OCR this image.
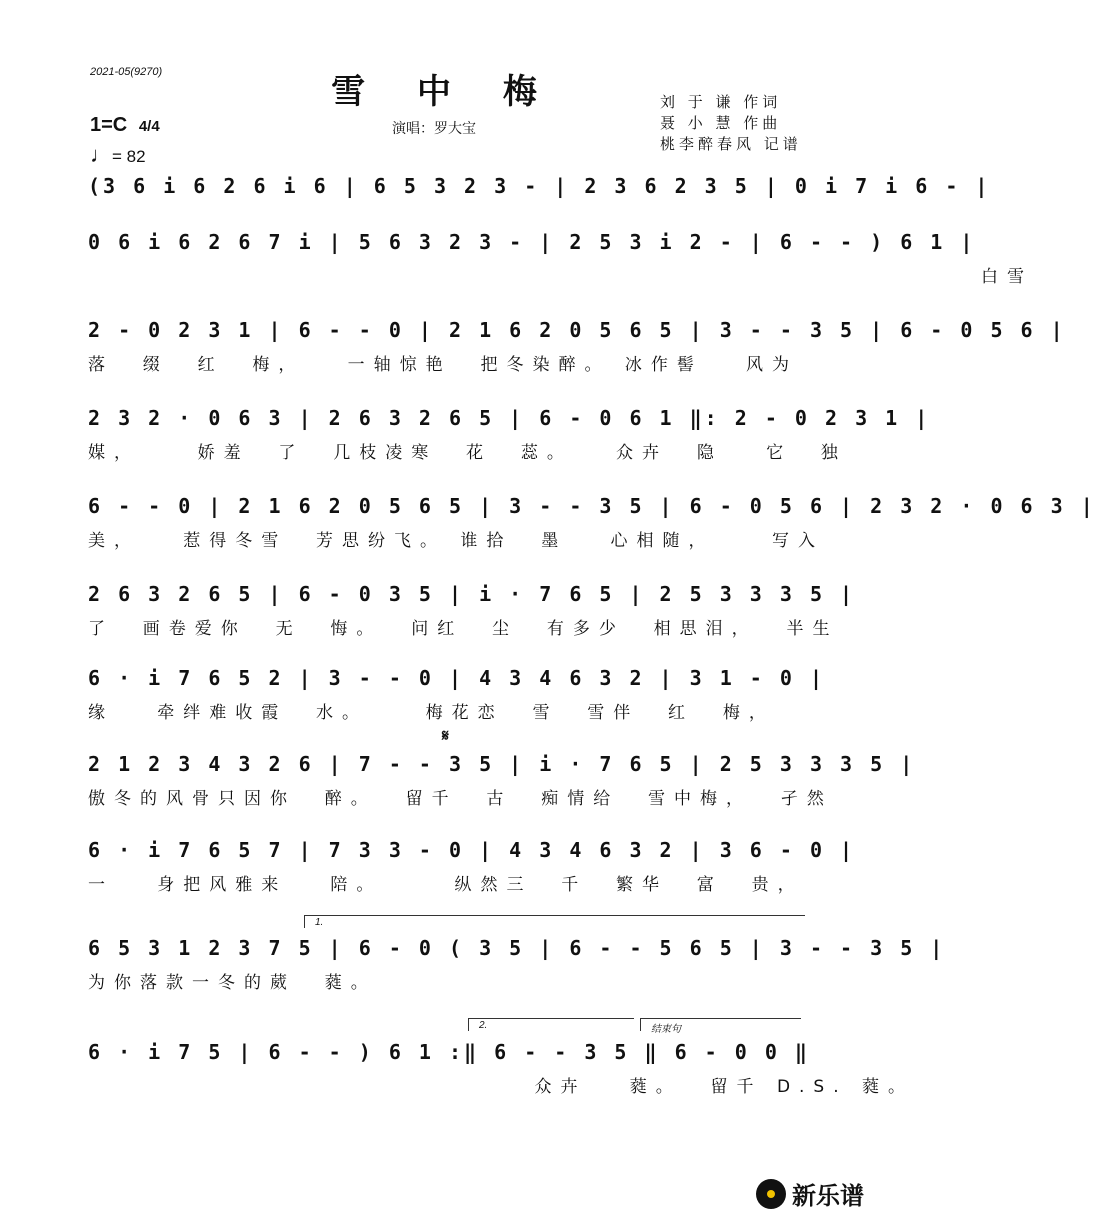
2021-05(9270)	雪 中 梅
演唱：罗大宝
刘 于 谦 作词
聂 小 慧 作曲
桃李醉春风 记谱
1=C 4/4
♩= 82
(3 6 i 6 2 6 i 6 | 6 5 3 2 3 - | 2 3 6 2 3 5 | 0 i 7 i 6 - |
0 6 i 6 2 6 7 i | 5 6 3 2 3 - | 2 5 3 i 2 - | 6 - - ) 6 1 |
白雪
2 - 0 2 3 1 | 6 - - 0 | 2 1 6 2 0 5 6 5 | 3 - - 3 5 | 6 - 0 5 6 |
落  缀  红  梅，   一轴惊艳  把冬染醉。 冰作髻   风为
2 3 2 · 0 6 3 | 2 6 3 2 6 5 | 6 - 0 6 1 ‖: 2 - 0 2 3 1 |
媒，    娇羞  了  几枝凌寒  花  蕊。   众卉  隐   它  独
6 - - 0 | 2 1 6 2 0 5 6 5 | 3 - - 3 5 | 6 - 0 5 6 | 2 3 2 · 0 6 3 |
美，   惹得冬雪  芳思纷飞。 谁拾  墨   心相随，    写入
2 6 3 2 6 5 | 6 - 0 3 5 | i · 7 6 5 | 2 5 3 3 3 5 |
了  画卷爱你  无  悔。  问红  尘  有多少  相思泪，  半生
6 · i 7 6 5 2 | 3 - - 0 | 4 3 4 6 3 2 | 3 1 - 0 |
缘   牵绊难收霞  水。    梅花恋  雪  雪伴  红  梅，
𝄋
2 1 2 3 4 3 2 6 | 7 - - 3 5 | i · 7 6 5 | 2 5 3 3 3 5 |
傲冬的风骨只因你  醉。  留千  古  痴情给  雪中梅，  孑然
6 · i 7 6 5 7 | 7 3 3 - 0 | 4 3 4 6 3 2 | 3 6 - 0 |
一   身把风雅来   陪。     纵然三  千  繁华  富  贵，
1.
6 5 3 1 2 3 7 5 | 6 - 0 ( 3 5 | 6 - - 5 6 5 | 3 - - 3 5 |
为你落款一冬的葳  蕤。
2.	结束句
6 · i 7 5 | 6 - - ) 6 1 :‖ 6 - - 3 5 ‖ 6 - 0 0 ‖
众卉   蕤。  留千 D.S. 蕤。
新乐谱
